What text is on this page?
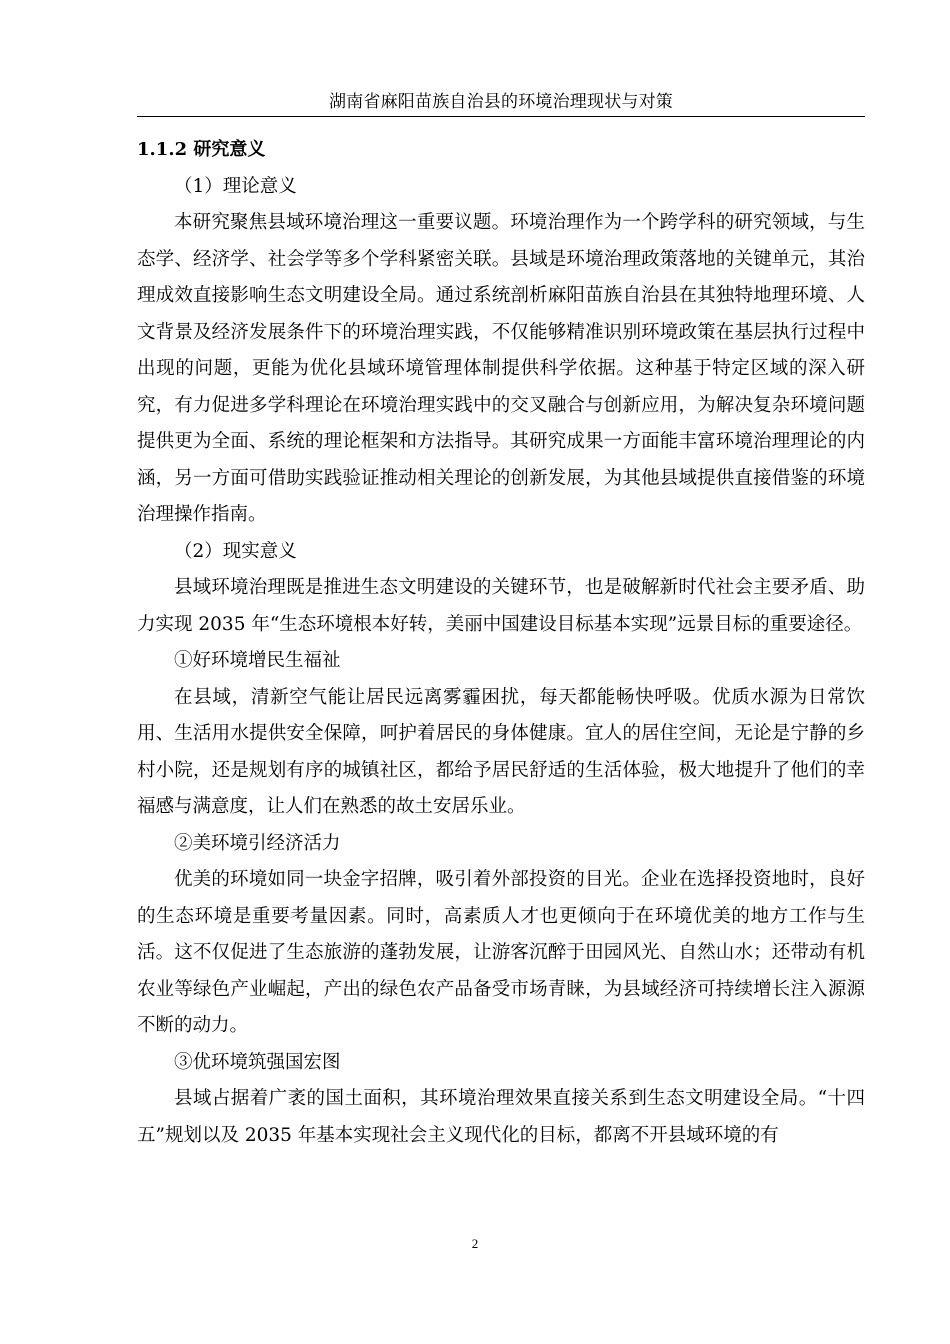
湖南省麻阳苗族自治县的环境治理现状与对策

1.1.2 研究意义

（1）理论意义

本研究聚焦县域环境治理这一重要议题。环境治理作为一个跨学科的研究领域，与生态学、经济学、社会学等多个学科紧密关联。县域是环境治理政策落地的关键单元，其治理成效直接影响生态文明建设全局。通过系统剖析麻阳苗族自治县在其独特地理环境、人文背景及经济发展条件下的环境治理实践，不仅能够精准识别环境政策在基层执行过程中出现的问题，更能为优化县域环境管理体制提供科学依据。这种基于特定区域的深入研究，有力促进多学科理论在环境治理实践中的交叉融合与创新应用，为解决复杂环境问题提供更为全面、系统的理论框架和方法指导。其研究成果一方面能丰富环境治理理论的内涵，另一方面可借助实践验证推动相关理论的创新发展，为其他县域提供直接借鉴的环境治理操作指南。

（2）现实意义

县域环境治理既是推进生态文明建设的关键环节，也是破解新时代社会主要矛盾、助力实现 2035 年“生态环境根本好转，美丽中国建设目标基本实现”远景目标的重要途径。

①好环境增民生福祉

在县域，清新空气能让居民远离雾霾困扰，每天都能畅快呼吸。优质水源为日常饮用、生活用水提供安全保障，呵护着居民的身体健康。宜人的居住空间，无论是宁静的乡村小院，还是规划有序的城镇社区，都给予居民舒适的生活体验，极大地提升了他们的幸福感与满意度，让人们在熟悉的故土安居乐业。

②美环境引经济活力

优美的环境如同一块金字招牌，吸引着外部投资的目光。企业在选择投资地时，良好的生态环境是重要考量因素。同时，高素质人才也更倾向于在环境优美的地方工作与生活。这不仅促进了生态旅游的蓬勃发展，让游客沉醉于田园风光、自然山水；还带动有机农业等绿色产业崛起，产出的绿色农产品备受市场青睐，为县域经济可持续增长注入源源不断的动力。

③优环境筑强国宏图

县域占据着广袤的国土面积，其环境治理效果直接关系到生态文明建设全局。“十四五”规划以及 2035 年基本实现社会主义现代化的目标，都离不开县域环境的有

2
